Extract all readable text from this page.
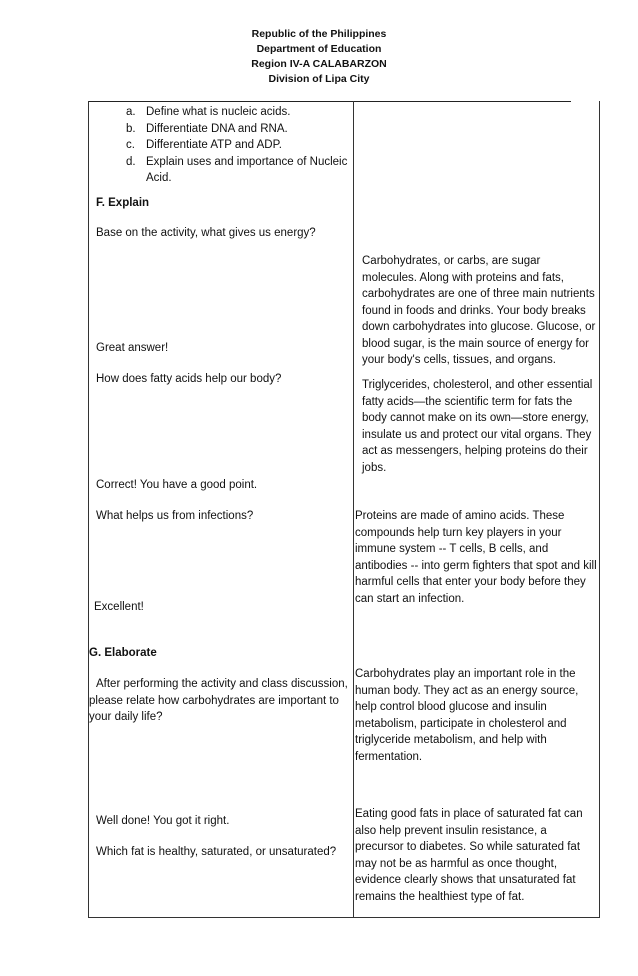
Republic of the Philippines
Department of Education
Region IV-A CALABARZON
Division of Lipa City
a. Define what is nucleic acids.
b. Differentiate DNA and RNA.
c. Differentiate ATP and ADP.
d. Explain uses and importance of Nucleic Acid.
F. Explain
Base on the activity, what gives us energy?
Carbohydrates, or carbs, are sugar molecules. Along with proteins and fats, carbohydrates are one of three main nutrients found in foods and drinks. Your body breaks down carbohydrates into glucose. Glucose, or blood sugar, is the main source of energy for your body's cells, tissues, and organs.
Great answer!
How does fatty acids help our body?	Triglycerides, cholesterol, and other essential fatty acids—the scientific term for fats the body cannot make on its own—store energy, insulate us and protect our vital organs. They act as messengers, helping proteins do their jobs.
Correct! You have a good point.
What helps us from infections?	Proteins are made of amino acids. These compounds help turn key players in your immune system -- T cells, B cells, and antibodies -- into germ fighters that spot and kill harmful cells that enter your body before they can start an infection.
Excellent!
G. Elaborate
After performing the activity and class discussion, please relate how carbohydrates are important to your daily life?
Carbohydrates play an important role in the human body. They act as an energy source, help control blood glucose and insulin metabolism, participate in cholesterol and triglyceride metabolism, and help with fermentation.
Well done! You got it right.
Eating good fats in place of saturated fat can also help prevent insulin resistance, a precursor to diabetes. So while saturated fat may not be as harmful as once thought, evidence clearly shows that unsaturated fat remains the healthiest type of fat.
Which fat is healthy, saturated, or unsaturated?
